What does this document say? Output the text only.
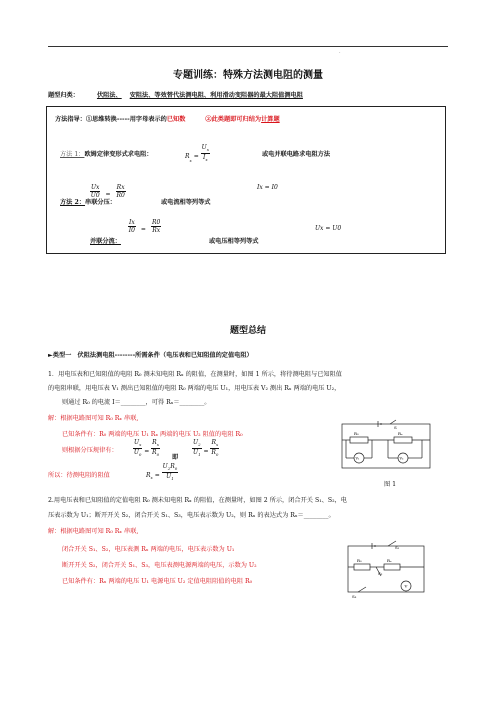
.
专题训练：特殊方法测电阻的测量
题型归类：	伏阻法、 安阻法、等效替代法测电阻、利用滑动变阻器的最大阻值测电阻
方法指导：①思维转换-----用字母表示的已知数	②此类题即可归结为计算题
方法 1：欧姆定律变形式求电阻：	$R_x = \frac{U_x}{I_x}$	或电并联电路求电阻方法
$\frac{Ux}{U0} = \frac{Rx}{R0}$
方法 2：串联分压：	或电流相等列等式
Ix = I0
$\frac{Ix}{I0} = \frac{R0}{Rx}$
并联分流：	或电压相等列等式
Ux = U0
题型总结
►类型一　伏阻法测电阻--------所需条件（电压表和已知阻值的定值电阻）
1．用电压表和已知阻值的电阻 R₀ 测未知电阻 Rₓ 的阻值，在测量时，如图 1 所示，将待测电阻与已知阻值
的电阻串联，用电压表 V₁ 测出已知阻值的电阻 R₀ 两端的电压 U₁，用电压表 V₂ 测出 Rₓ 两端的电压 U₂，
则通过 R₀ 的电流 I＝________，可得 Rₓ＝________。
解：根据电路图可知 R₀ Rₓ 串联,
已知条件有：R₀ 两端的电压 U₁ Rₓ 两端的电压 U₂ 阻值的电阻 R₀
则根据分压规律有：	$\frac{U_x}{U_0} = \frac{R_x}{R_0}$ 即 $\frac{U_2}{U_1} = \frac{R_x}{R_0}$
所以：待测电阻的阻值	$R_x = \frac{U_2R_0}{U_1}$
S
R₀	Rₓ
V₁	V₂
图 1
2.用电压表和已知阻值的定值电阻 R₀ 测未知电阻 Rₓ 的阻值，在测量时，如图 2 所示，闭合开关 S₁、S₂，电
压表示数为 U₁；断开开关 S₂，闭合开关 S₁、S₃，电压表示数为 U₂，则 Rₓ 的表达式为 Rₓ＝________。
解：根据电路图可知 R₀ Rₓ 串联,
闭合开关 S₁、S₂，电压表测 Rₓ 两端的电压，电压表示数为 U₁
断开开关 S₂，闭合开关 S₁、S₃，电压表测电源两端的电压，示数为 U₂
已知条件有：Rₓ 两端的电压 U₁ 电源电压 U₂ 定值电阻阻值的电阻 R₀
S₁
S₂
S₃
R₀	Rₓ
V
